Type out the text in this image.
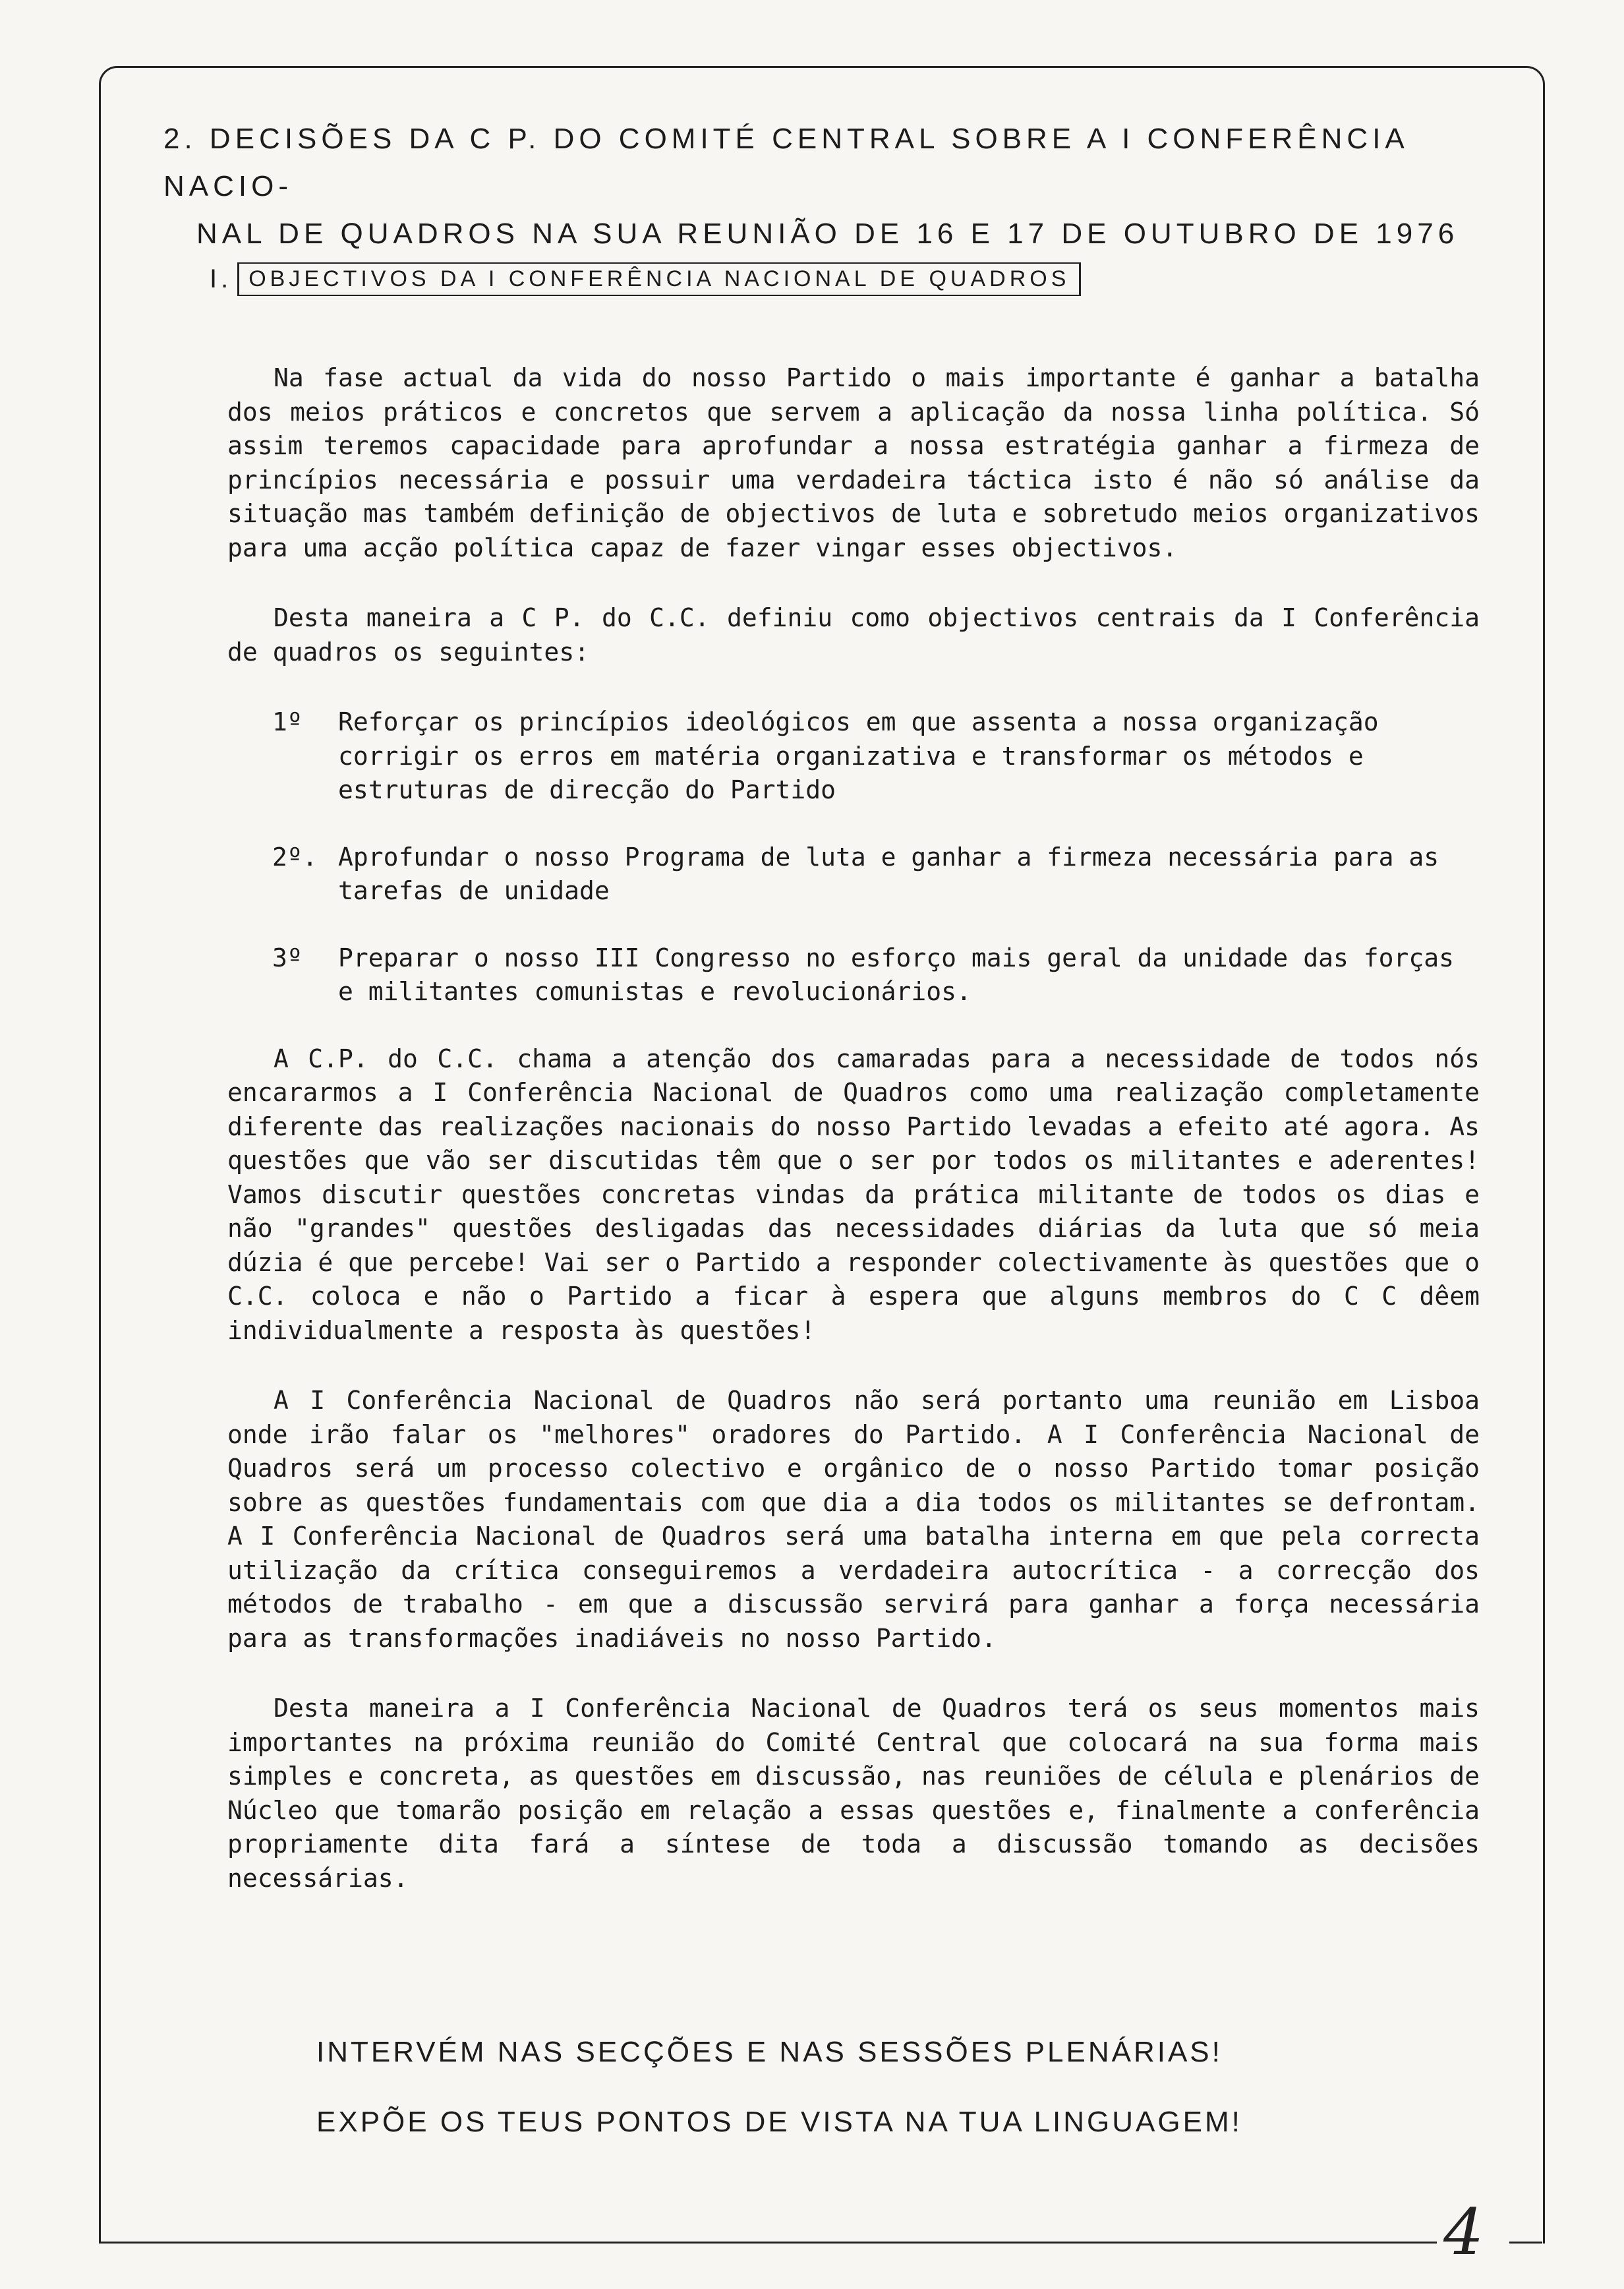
2. DECISÕES DA C P. DO COMITÉ CENTRAL SOBRE A I CONFERÊNCIA NACIO-
NAL DE QUADROS NA SUA REUNIÃO DE 16 E 17 DE OUTUBRO DE 1976
I. OBJECTIVOS DA I CONFERÊNCIA NACIONAL DE QUADROS

Na fase actual da vida do nosso Partido o mais importante é ganhar a batalha dos meios práticos e concretos que servem a aplicação da nossa linha política. Só assim teremos capacidade para aprofundar a nossa estratégia ganhar a firmeza de princípios necessária e possuir uma verdadeira táctica isto é não só análise da situação mas também definição de objectivos de luta e sobretudo meios organizativos para uma acção política capaz de fazer vingar esses objectivos.

Desta maneira a C P. do C.C. definiu como objectivos centrais da I Conferência de quadros os seguintes:

1º	Reforçar os princípios ideológicos em que assenta a nossa organização corrigir os erros em matéria organizativa e transformar os métodos e estruturas de direcção do Partido
2º. Aprofundar o nosso Programa de luta e ganhar a firmeza necessária para as tarefas de unidade
3º	Preparar o nosso III Congresso no esforço mais geral da unidade das forças e militantes comunistas e revolucionários.

A C.P. do C.C. chama a atenção dos camaradas para a necessidade de todos nós encararmos a I Conferência Nacional de Quadros como uma realização completamente diferente das realizações nacionais do nosso Partido levadas a efeito até agora. As questões que vão ser discutidas têm que o ser por todos os militantes e aderentes! Vamos discutir questões concretas vindas da prática militante de todos os dias e não "grandes" questões desligadas das necessidades diárias da luta que só meia dúzia é que percebe! Vai ser o Partido a responder colectivamente às questões que o C.C. coloca e não o Partido a ficar à espera que alguns membros do C C dêem individualmente a resposta às questões!

A I Conferência Nacional de Quadros não será portanto uma reunião em Lisboa onde irão falar os "melhores" oradores do Partido. A I Conferência Nacional de Quadros será um processo colectivo e orgânico de o nosso Partido tomar posição sobre as questões fundamentais com que dia a dia todos os militantes se defrontam. A I Conferência Nacional de Quadros será uma batalha interna em que pela correcta utilização da crítica conseguiremos a verdadeira autocrítica - a correcção dos métodos de trabalho - em que a discussão servirá para ganhar a força necessária para as transformações inadiáveis no nosso Partido.

Desta maneira a I Conferência Nacional de Quadros terá os seus momentos mais importantes na próxima reunião do Comité Central que colocará na sua forma mais simples e concreta, as questões em discussão, nas reuniões de célula e plenários de Núcleo que tomarão posição em relação a essas questões e, finalmente a conferência propriamente dita fará a síntese de toda a discussão tomando as decisões necessárias.

INTERVÉM NAS SECÇÕES E NAS SESSÕES PLENÁRIAS!
EXPÕE OS TEUS PONTOS DE VISTA NA TUA LINGUAGEM!
4
